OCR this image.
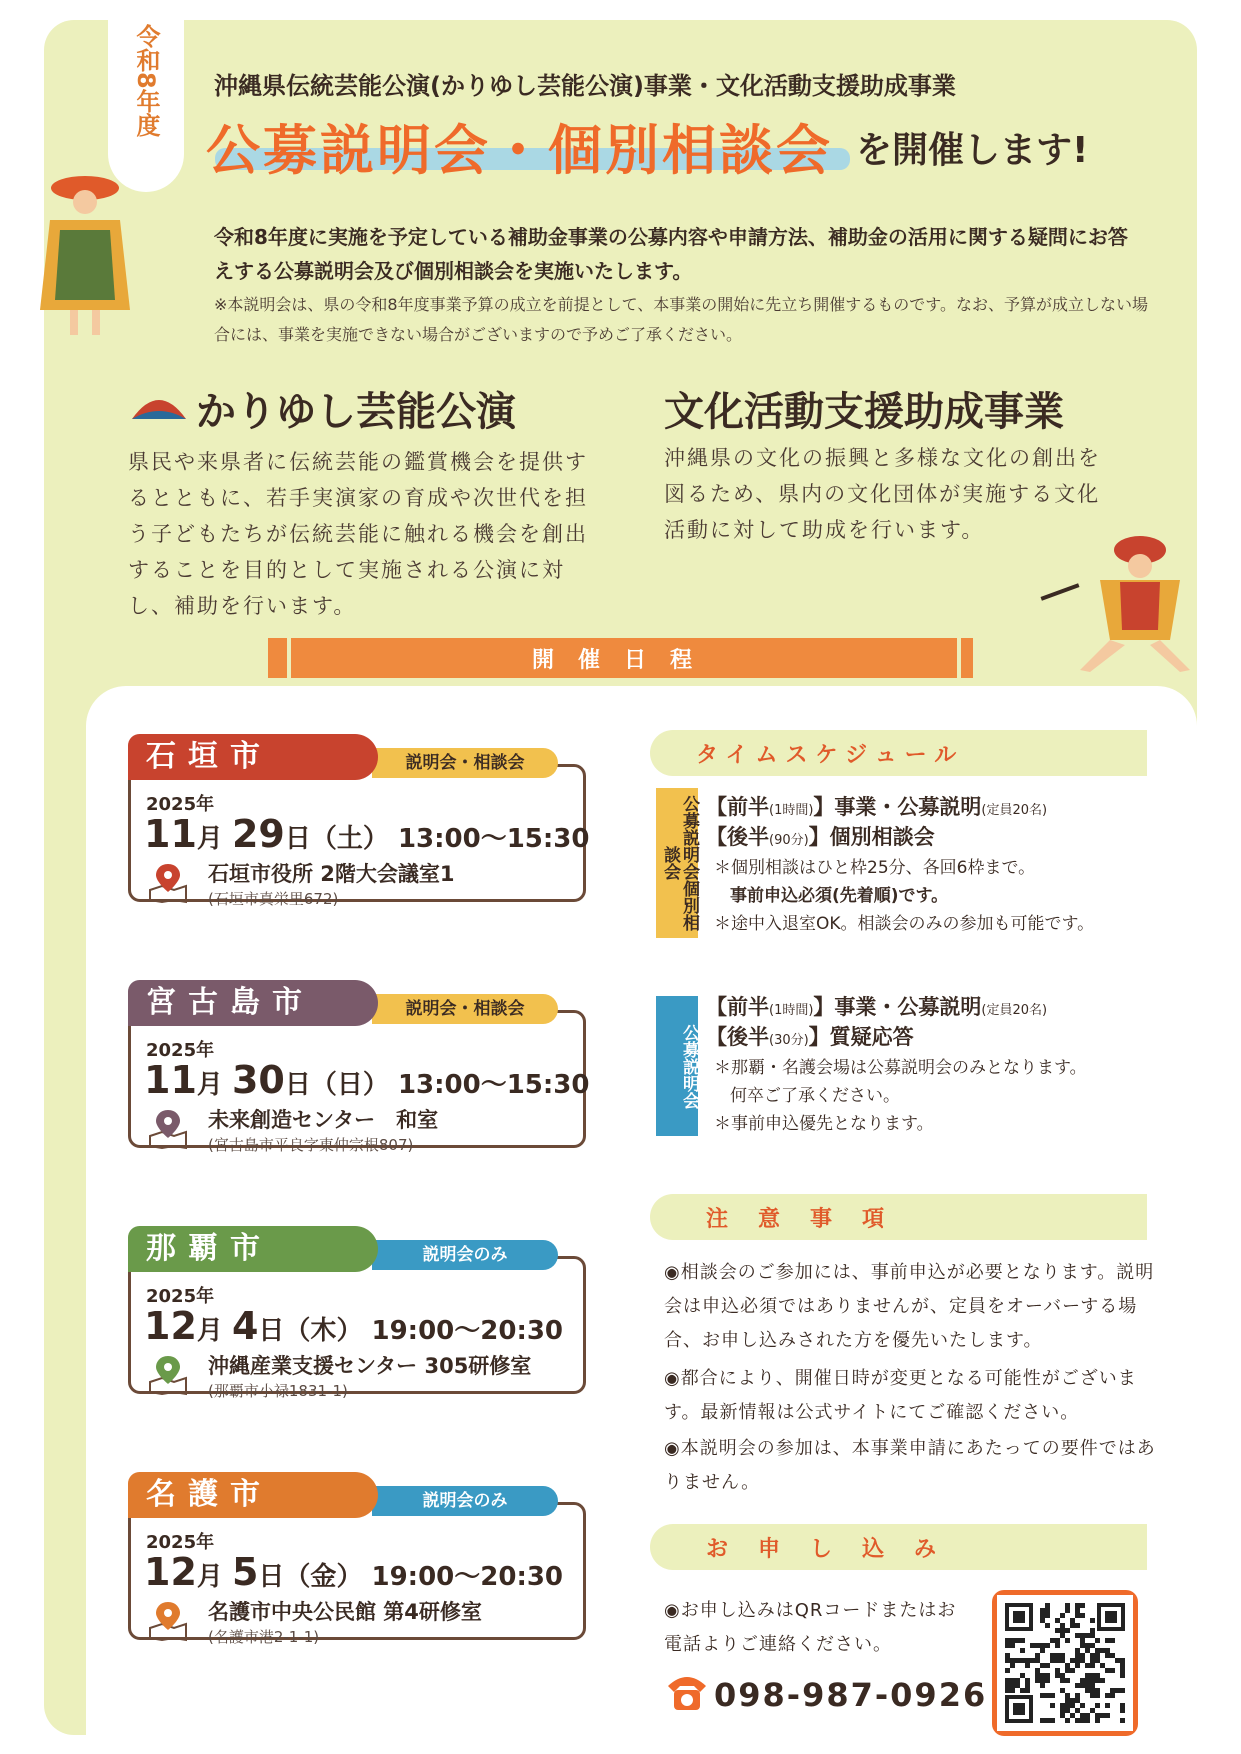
令和8年度 沖縄県伝統芸能公演(かりゆし芸能公演)事業・文化活動支援助成事業
公募説明会・個別相談会 を開催します!
令和8年度に実施を予定している補助金事業の公募内容や申請方法、補助金の活用に関する疑問にお答えする公募説明会及び個別相談会を実施いたします。
※本説明会は、県の令和8年度事業予算の成立を前提として、本事業の開始に先立ち開催するものです。なお、予算が成立しない場合には、事業を実施できない場合がございますので予めご了承ください。
かりゆし芸能公演
県民や来県者に伝統芸能の鑑賞機会を提供するとともに、若手実演家の育成や次世代を担う子どもたちが伝統芸能に触れる機会を創出することを目的として実施される公演に対し、補助を行います。
文化活動支援助成事業
沖縄県の文化の振興と多様な文化の創出を図るため、県内の文化団体が実施する文化活動に対して助成を行います。
開催日程
説明会・相談会
石垣市
2025年
11月 29日（土） 13:00〜15:30
石垣市役所 2階大会議室1
(石垣市真栄里672)
説明会・相談会
宮古島市
2025年
11月 30日（日） 13:00〜15:30
未来創造センター　和室
(宮古島市平良字東仲宗根807)
説明会のみ
那覇市
2025年
12月 4日（木） 19:00〜20:30
沖縄産業支援センター 305研修室
(那覇市小禄1831-1)
説明会のみ
名護市
2025年
12月 5日（金） 19:00〜20:30
名護市中央公民館 第4研修室
(名護市港2-1-1)
タイムスケジュール
公募説明会個別相談会
【前半(1時間)】事業・公募説明(定員20名)
【後半(90分)】個別相談会
＊個別相談はひと枠25分、各回6枠まで。
事前申込必須(先着順)です。
＊途中入退室OK。相談会のみの参加も可能です。
公募説明会
【前半(1時間)】事業・公募説明(定員20名)
【後半(30分)】質疑応答
＊那覇・名護会場は公募説明会のみとなります。
何卒ご了承ください。
＊事前申込優先となります。
注意事項
◉相談会のご参加には、事前申込が必要となります。説明会は申込必須ではありませんが、定員をオーバーする場合、お申し込みされた方を優先いたします。
◉都合により、開催日時が変更となる可能性がございます。最新情報は公式サイトにてご確認ください。
◉本説明会の参加は、本事業申請にあたっての要件ではありません。
お申し込み
◉お申し込みはQRコードまたはお電話よりご連絡ください。
098-987-0926
